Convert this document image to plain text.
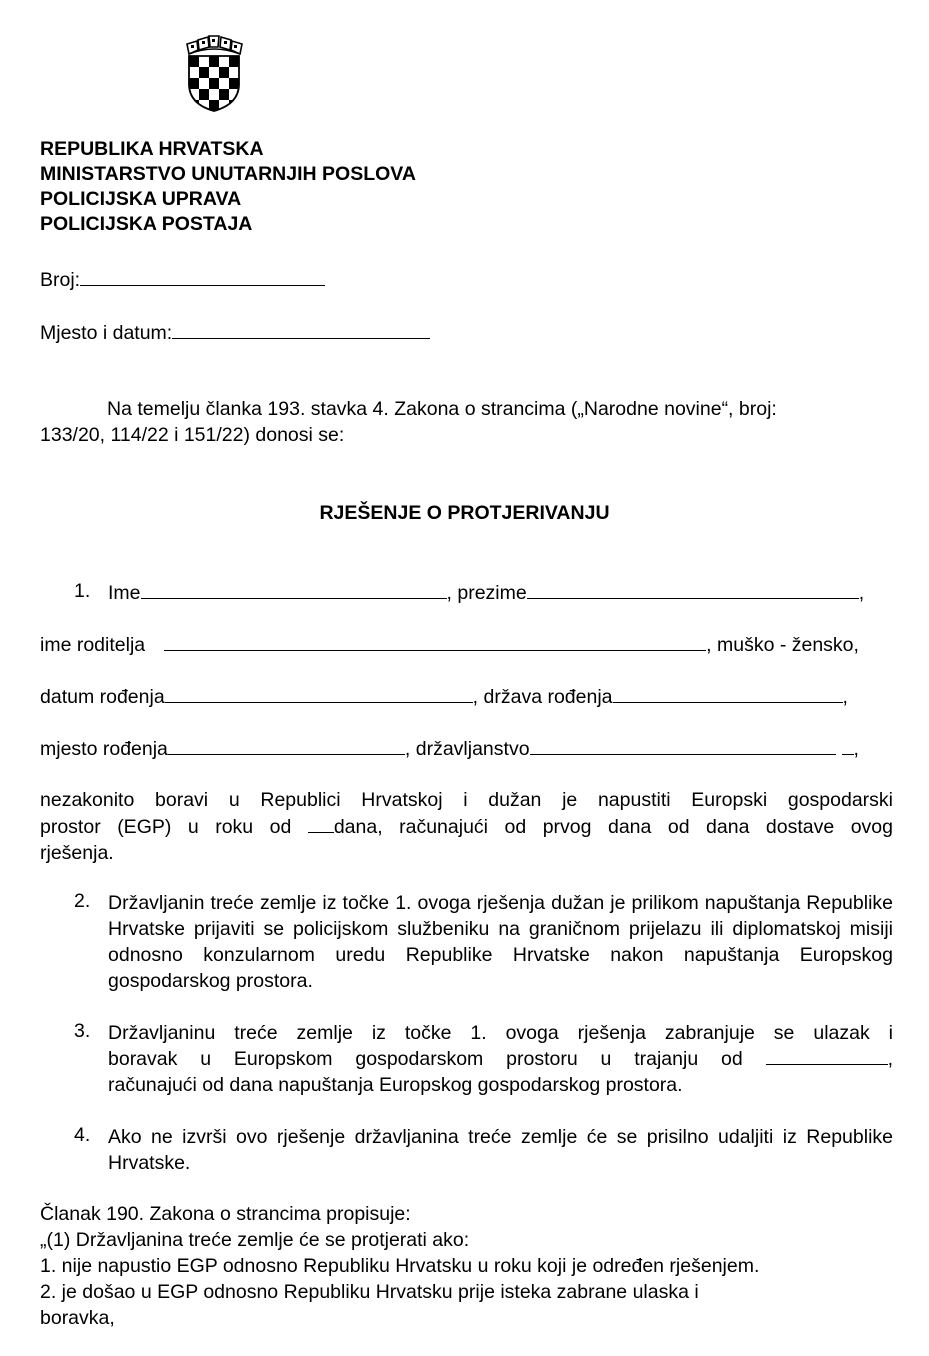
REPUBLIKA HRVATSKA
MINISTARSTVO UNUTARNJIH POSLOVA
POLICIJSKA UPRAVA
POLICIJSKA POSTAJA
Broj:
Mjesto i datum:
Na temelju članka 193. stavka 4. Zakona o strancima („Narodne novine“, broj:
133/20, 114/22 i 151/22) donosi se:
RJEŠENJE O PROTJERIVANJU
1. Ime	, prezime	,
ime roditelja	, muško - žensko,
datum rođenja	, država rođenja	,
mjesto rođenja	, državljanstvo	,
nezakonito boravi u Republici Hrvatskoj i dužan je napustiti Europski gospodarski
prostor (EGP) u roku od dana, računajući od prvog dana od dana dostave ovog
rješenja.
2. Državljanin treće zemlje iz točke 1. ovoga rješenja dužan je prilikom napuštanja Republike Hrvatske prijaviti se policijskom službeniku na graničnom prijelazu ili diplomatskoj misiji odnosno konzularnom uredu Republike Hrvatske nakon napuštanja Europskog gospodarskog prostora.
3. Državljaninu treće zemlje iz točke 1. ovoga rješenja zabranjuje se ulazak i
boravak u Europskom gospodarskom prostoru u trajanju od	,
računajući od dana napuštanja Europskog gospodarskog prostora.
4. Ako ne izvrši ovo rješenje državljanina treće zemlje će se prisilno udaljiti iz Republike Hrvatske.
Članak 190. Zakona o strancima propisuje:
„(1) Državljanina treće zemlje će se protjerati ako:
1. nije napustio EGP odnosno Republiku Hrvatsku u roku koji je određen rješenjem.
2. je došao u EGP odnosno Republiku Hrvatsku prije isteka zabrane ulaska i
boravka,
